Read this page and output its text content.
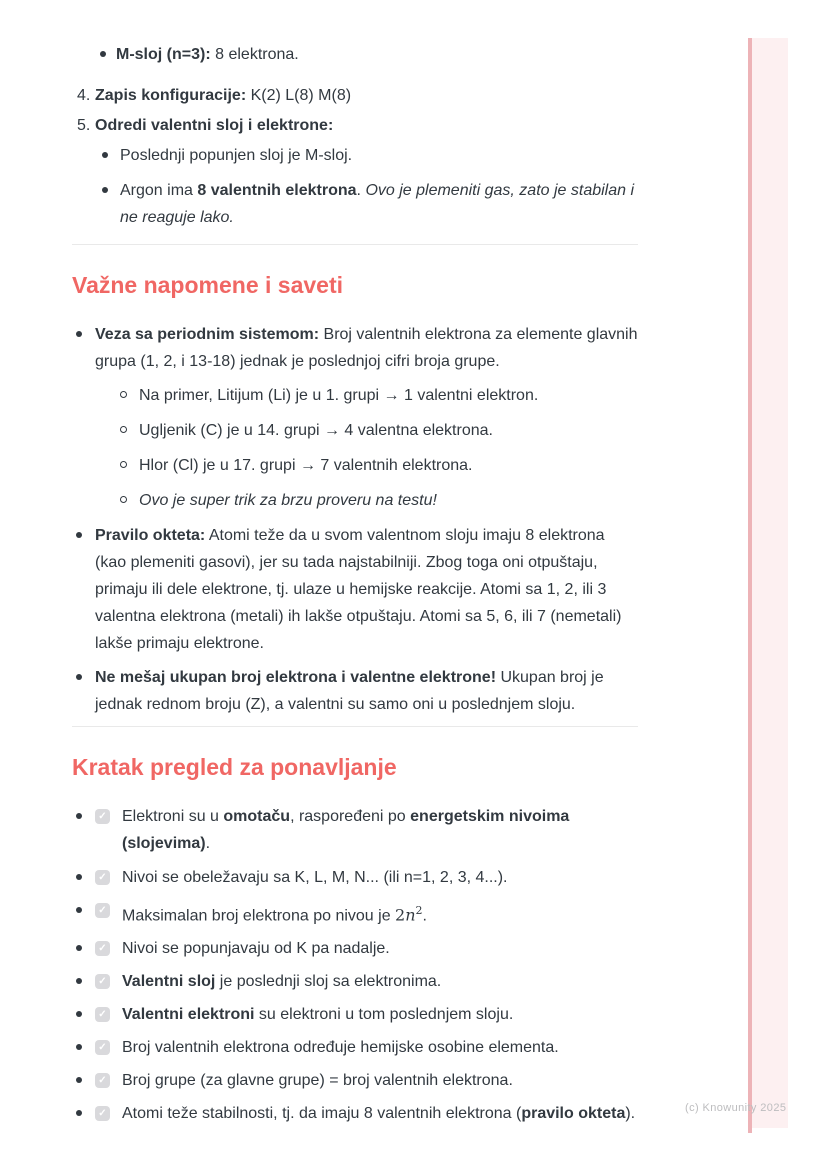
(c) Knowunity 2025
M-sloj (n=3): 8 elektrona.
4. Zapis konfiguracije: K(2) L(8) M(8)
5. Odredi valentni sloj i elektrone:
Poslednji popunjen sloj je M-sloj.
Argon ima 8 valentnih elektrona. Ovo je plemeniti gas, zato je stabilan i ne reaguje lako.
Važne napomene i saveti
Veza sa periodnim sistemom: Broj valentnih elektrona za elemente glavnih grupa (1, 2, i 13-18) jednak je poslednjoj cifri broja grupe.
Na primer, Litijum (Li) je u 1. grupi → 1 valentni elektron.
Ugljenik (C) je u 14. grupi → 4 valentna elektrona.
Hlor (Cl) je u 17. grupi → 7 valentnih elektrona.
Ovo je super trik za brzu proveru na testu!
Pravilo okteta: Atomi teže da u svom valentnom sloju imaju 8 elektrona (kao plemeniti gasovi), jer su tada najstabilniji. Zbog toga oni otpuštaju, primaju ili dele elektrone, tj. ulaze u hemijske reakcije. Atomi sa 1, 2, ili 3 valentna elektrona (metali) ih lakše otpuštaju. Atomi sa 5, 6, ili 7 (nemetali) lakše primaju elektrone.
Ne mešaj ukupan broj elektrona i valentne elektrone! Ukupan broj je jednak rednom broju (Z), a valentni su samo oni u poslednjem sloju.
Kratak pregled za ponavljanje
✓ Elektroni su u omotaču, raspoređeni po energetskim nivoima (slojevima).
✓ Nivoi se obeležavaju sa K, L, M, N... (ili n=1, 2, 3, 4...).
✓ Maksimalan broj elektrona po nivou je $2n^2$.
✓ Nivoi se popunjavaju od K pa nadalje.
✓ Valentni sloj je poslednji sloj sa elektronima.
✓ Valentni elektroni su elektroni u tom poslednjem sloju.
✓ Broj valentnih elektrona određuje hemijske osobine elementa.
✓ Broj grupe (za glavne grupe) = broj valentnih elektrona.
✓ Atomi teže stabilnosti, tj. da imaju 8 valentnih elektrona (pravilo okteta).
